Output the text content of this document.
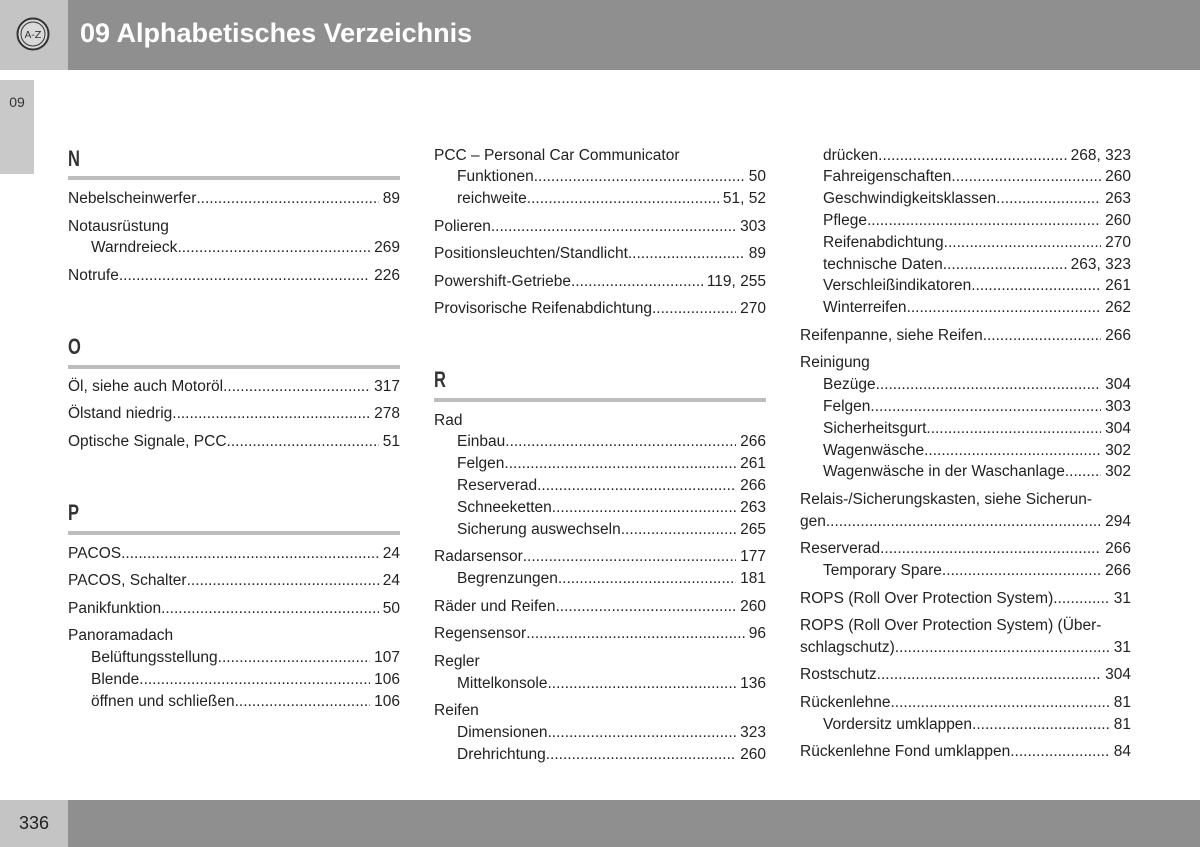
A-Z 09 Alphabetisches Verzeichnis
09
N
Nebelscheinwerfer .....	89
Notausrüstung
Warndreieck .....	269
Notrufe .....	226
O
Öl, siehe auch Motoröl .....	317
Ölstand niedrig .....	278
Optische Signale, PCC .....	51
P
PACOS .....	24
PACOS, Schalter .....	24
Panikfunktion .....	50
Panoramadach
Belüftungsstellung .....	107
Blende .....	106
öffnen und schließen .....	106
PCC – Personal Car Communicator
Funktionen .....	50
reichweite .....	51, 52
Polieren .....	303
Positionsleuchten/Standlicht .....	89
Powershift-Getriebe .....	119, 255
Provisorische Reifenabdichtung .....	270
R
Rad
Einbau .....	266
Felgen .....	261
Reserverad .....	266
Schneeketten .....	263
Sicherung auswechseln .....	265
Radarsensor .....	177
Begrenzungen .....	181
Räder und Reifen .....	260
Regensensor .....	96
Regler
Mittelkonsole .....	136
Reifen
Dimensionen .....	323
Drehrichtung .....	260
drücken .....	268, 323
Fahreigenschaften .....	260
Geschwindigkeitsklassen .....	263
Pflege .....	260
Reifenabdichtung .....	270
technische Daten .....	263, 323
Verschleißindikatoren .....	261
Winterreifen .....	262
Reifenpanne, siehe Reifen .....	266
Reinigung
Bezüge .....	304
Felgen .....	303
Sicherheitsgurt .....	304
Wagenwäsche .....	302
Wagenwäsche in der Waschanlage .....	302
Relais-/Sicherungskasten, siehe Sicherun-
gen .....	294
Reserverad .....	266
Temporary Spare .....	266
ROPS (Roll Over Protection System) .....	31
ROPS (Roll Over Protection System) (Über-
schlagschutz) .....	31
Rostschutz .....	304
Rückenlehne .....	81
Vordersitz umklappen .....	81
Rückenlehne Fond umklappen .....	84
336
